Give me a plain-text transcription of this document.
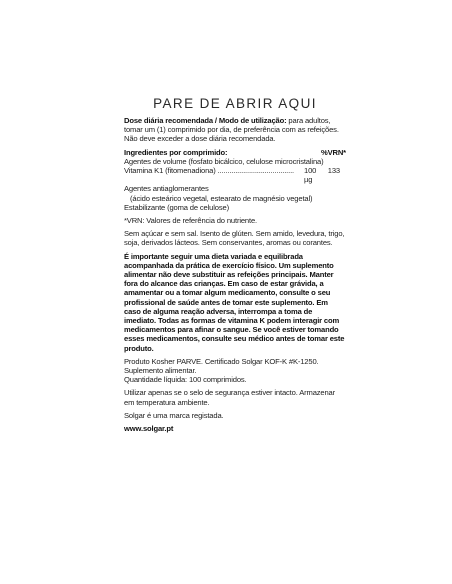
PARE DE ABRIR AQUI

Dose diária recomendada / Modo de utilização: para adultos, tomar um (1) comprimido por dia, de preferência com as refeições. Não deve exceder a dose diária recomendada.

Ingredientes por comprimido:	%VRN*
Agentes de volume (fosfato bicálcico, celulose microcristalina)
Vitamina K1 (fitomenadiona) .......................................	100 µg
133
Agentes antiaglomerantes
(ácido esteárico vegetal, estearato de magnésio vegetal)
Estabilizante (goma de celulose)

*VRN: Valores de referência do nutriente.

Sem açúcar e sem sal. Isento de glúten. Sem amido, levedura, trigo, soja, derivados lácteos. Sem conservantes, aromas ou corantes.

É importante seguir uma dieta variada e equilibrada acompanhada da prática de exercício físico. Um suplemento alimentar não deve substituir as refeições principais. Manter fora do alcance das crianças. Em caso de estar grávida, a amamentar ou a tomar algum medicamento, consulte o seu profissional de saúde antes de tomar este suplemento. Em caso de alguma reação adversa, interrompa a toma de imediato. Todas as formas de vitamina K podem interagir com medicamentos para afinar o sangue. Se você estiver tomando esses medicamentos, consulte seu médico antes de tomar este produto.

Produto Kosher PARVE. Certificado Solgar KOF-K #K-1250.
Suplemento alimentar.
Quantidade líquida: 100 comprimidos.

Utilizar apenas se o selo de segurança estiver intacto. Armazenar em temperatura ambiente.

Solgar é uma marca registada.

www.solgar.pt
